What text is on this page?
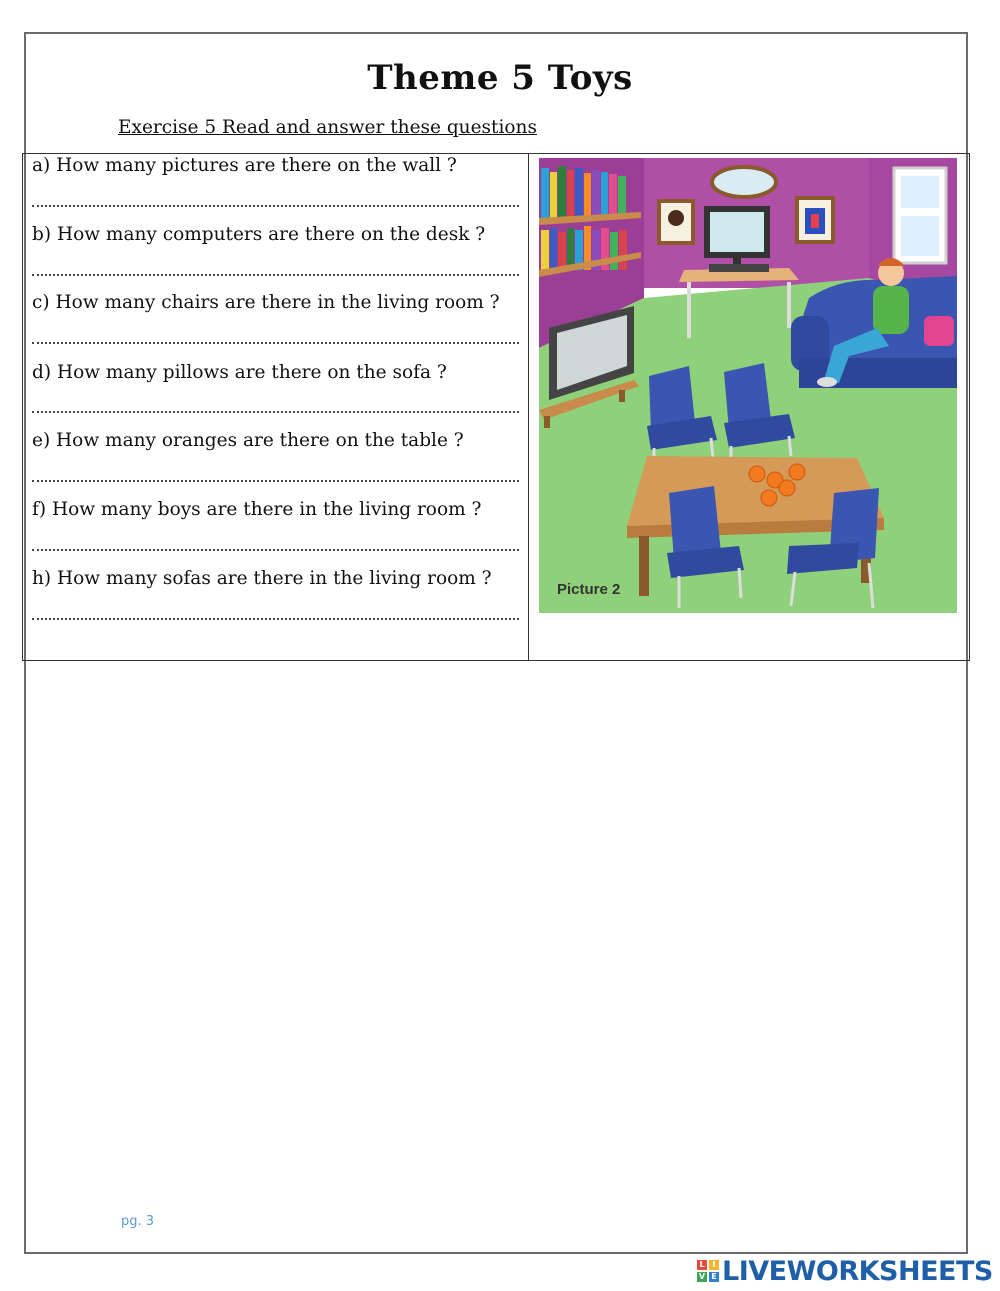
Theme 5 Toys
Exercise 5 Read and answer these questions
a) How many pictures are there on the wall ?
b) How many computers are there on the desk ?
c) How many chairs are there in the living room ?
d) How many pillows are there on the sofa ?
e) How many oranges are there on the table ?
f) How many boys are there in the living room ?
h) How many sofas are there in the living room ?
Picture 2
pg. 3
L I
V E LIVEWORKSHEETS
